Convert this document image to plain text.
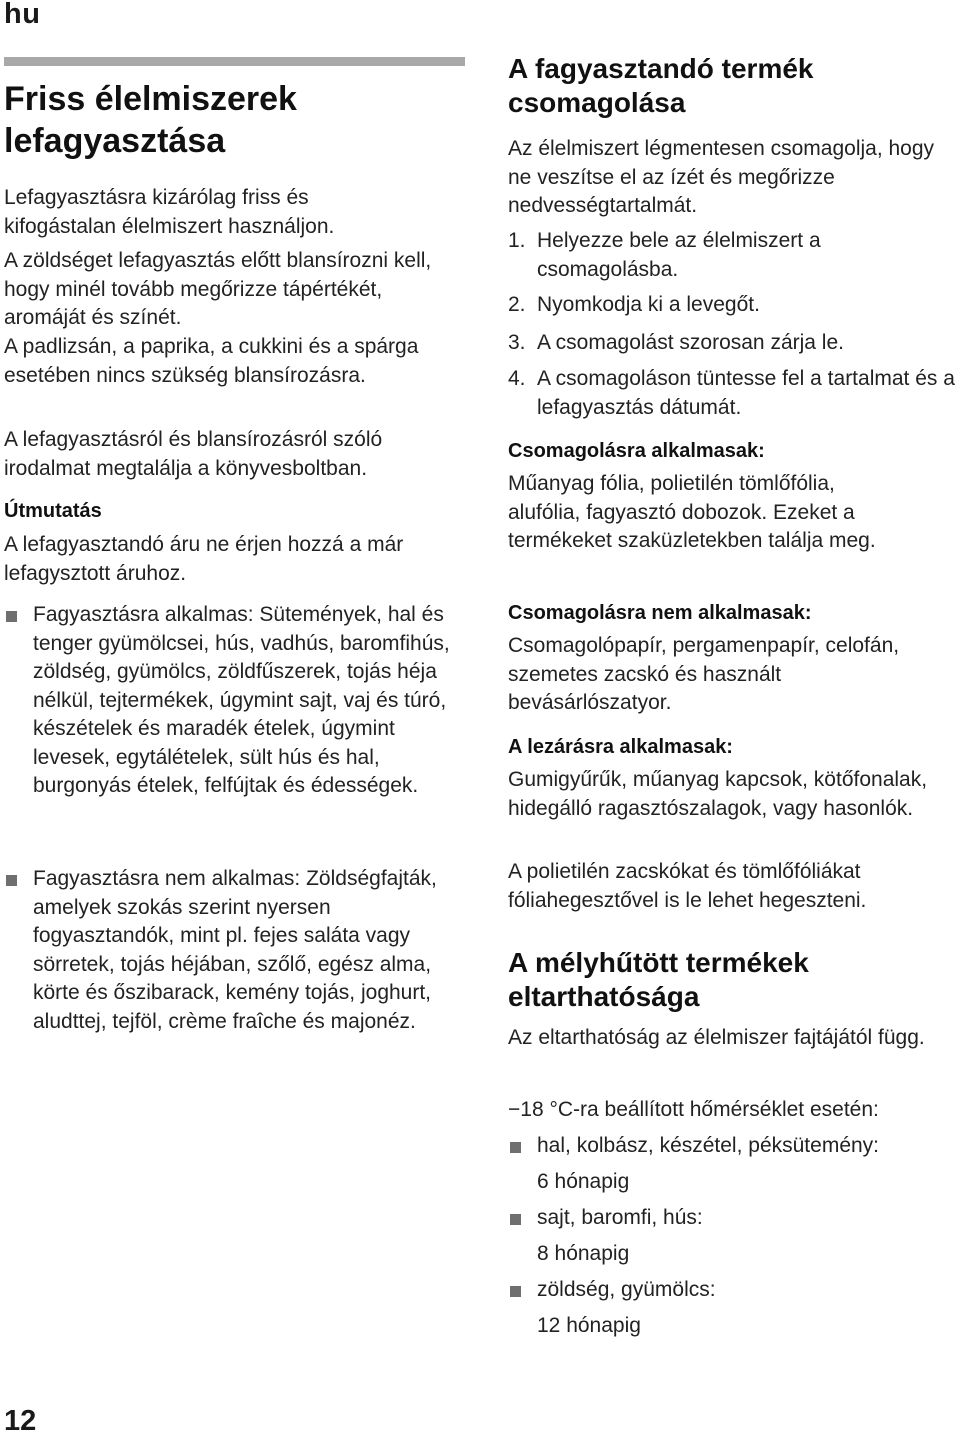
hu
Friss élelmiszerek lefagyasztása

Lefagyasztásra kizárólag friss és kifogástalan élelmiszert használjon.

A zöldséget lefagyasztás előtt blansírozni kell, hogy minél tovább megőrizze tápértékét, aromáját és színét.

A padlizsán, a paprika, a cukkini és a spárga esetében nincs szükség blansírozásra.

A lefagyasztásról és blansírozásról szóló irodalmat megtalálja a könyvesboltban.

Útmutatás

A lefagyasztandó áru ne érjen hozzá a már lefagysztott áruhoz.

Fagyasztásra alkalmas: Sütemények, hal és tenger gyümölcsei, hús, vadhús, baromfihús, zöldség, gyümölcs, zöldfűszerek, tojás héja nélkül, tejtermékek, úgymint sajt, vaj és túró, készételek és maradék ételek, úgymint levesek, egytálételek, sült hús és hal, burgonyás ételek, felfújtak és édességek.
Fagyasztásra nem alkalmas: Zöldségfajták, amelyek szokás szerint nyersen fogyasztandók, mint pl. fejes saláta vagy sörretek, tojás héjában, szőlő, egész alma, körte és őszibarack, kemény tojás, joghurt, aludttej, tejföl, crème fraîche és majonéz.
A fagyasztandó termék csomagolása

Az élelmiszert légmentesen csomagolja, hogy ne veszítse el az ízét és megőrizze nedvességtartalmát.

1. Helyezze bele az élelmiszert a csomagolásba.
2. Nyomkodja ki a levegőt.
3. A csomagolást szorosan zárja le.
4. A csomagoláson tüntesse fel a tartalmat és a lefagyasztás dátumát.
Csomagolásra alkalmasak:

Műanyag fólia, polietilén tömlőfólia, alufólia, fagyasztó dobozok. Ezeket a termékeket szaküzletekben találja meg.

Csomagolásra nem alkalmasak:

Csomagolópapír, pergamenpapír, celofán, szemetes zacskó és használt bevásárlószatyor.

A lezárásra alkalmasak:

Gumigyűrűk, műanyag kapcsok, kötőfonalak, hidegálló ragasztószalagok, vagy hasonlók.

A polietilén zacskókat és tömlőfóliákat fóliahegesztővel is le lehet hegeszteni.

A mélyhűtött termékek eltarthatósága

Az eltarthatóság az élelmiszer fajtájától függ.

−18 °C-ra beállított hőmérséklet esetén:
hal, kolbász, készétel, péksütemény:
6 hónapig
sajt, baromfi, hús:
8 hónapig
zöldség, gyümölcs:
12 hónapig
12
